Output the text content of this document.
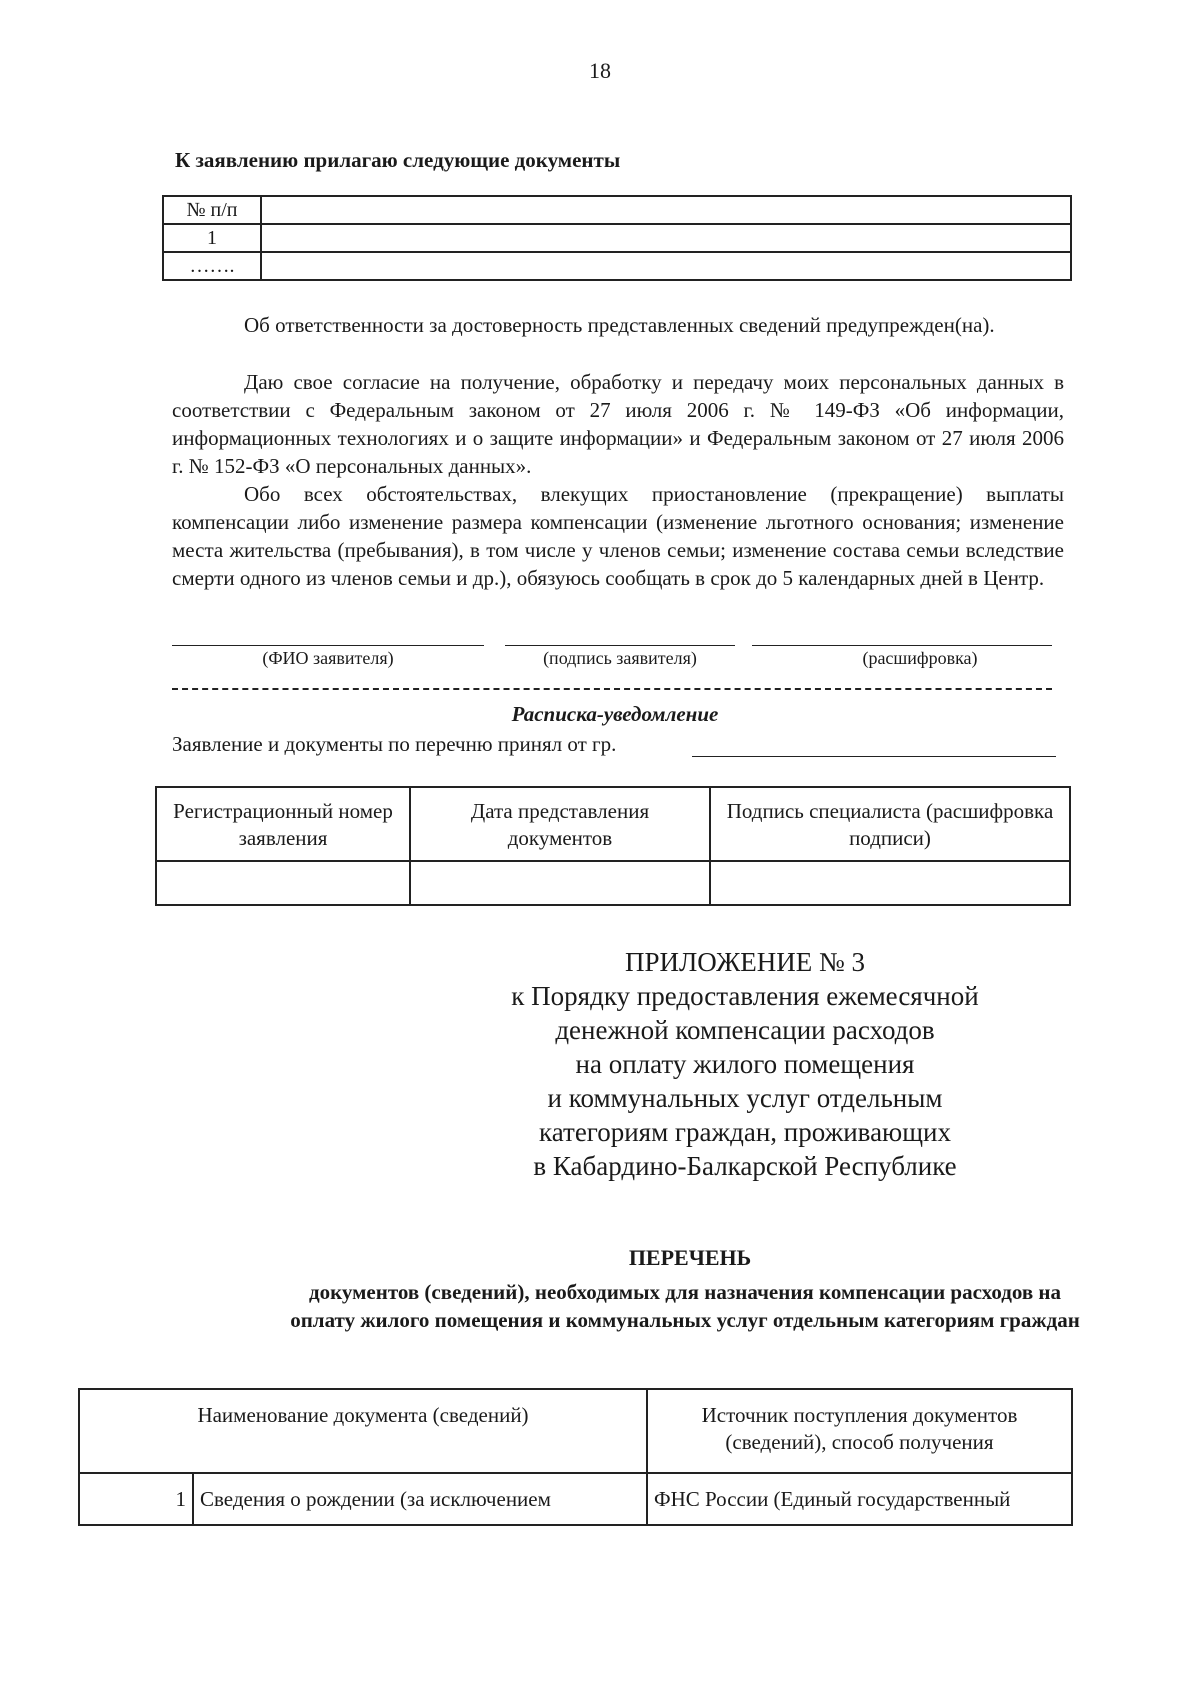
18
К заявлению прилагаю следующие документы
№ п/п	
1	
…….	
Об ответственности за достоверность представленных сведений предупрежден(на).
Даю свое согласие на получение, обработку и передачу моих персональных данных в соответствии с Федеральным законом от 27 июля 2006 г. № 149-ФЗ «Об информации, информационных технологиях и о защите информации» и Федеральным законом от 27 июля 2006 г. № 152-ФЗ «О персональных данных».
Обо всех обстоятельствах, влекущих приостановление (прекращение) выплаты компенсации либо изменение размера компенсации (изменение льготного основания; изменение места жительства (пребывания), в том числе у членов семьи; изменение состава семьи вследствие смерти одного из членов семьи и др.), обязуюсь сообщать в срок до 5 календарных дней в Центр.
(ФИО заявителя)	(подпись заявителя)	(расшифровка)
Расписка-уведомление
Заявление и документы по перечню принял от гр.
Регистрационный номер заявления	Дата представления документов	Подпись специалиста (расшифровка подписи)

ПРИЛОЖЕНИЕ № 3
к Порядку предоставления ежемесячной
денежной компенсации расходов
на оплату жилого помещения
и коммунальных услуг отдельным
категориям граждан, проживающих
в Кабардино-Балкарской Республике
ПЕРЕЧЕНЬ
документов (сведений), необходимых для назначения компенсации расходов на оплату жилого помещения и коммунальных услуг отдельным категориям граждан
Наименование документа (сведений)		Источник поступления документов (сведений), способ получения
1	Сведения о рождении (за исключением	ФНС России (Единый государственный
